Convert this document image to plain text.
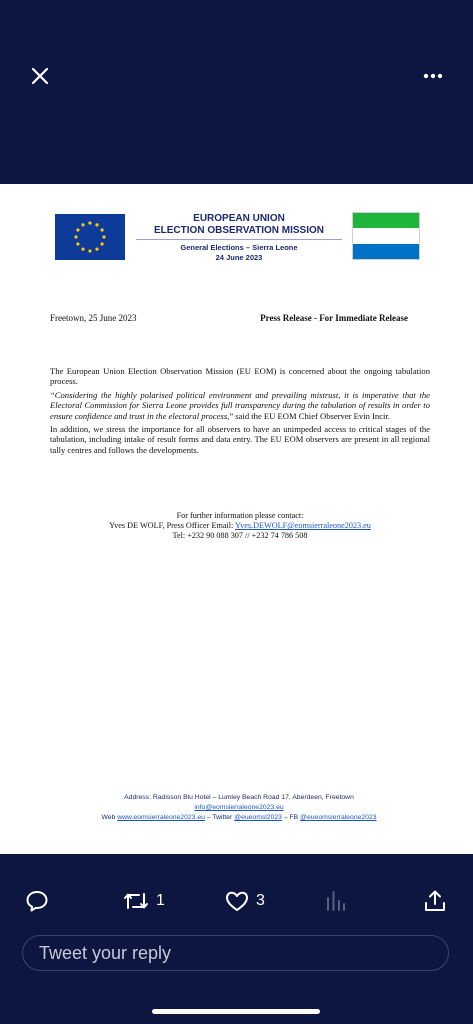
EUROPEAN UNION
ELECTION OBSERVATION MISSION
General Elections – Sierra Leone
24 June 2023
Freetown, 25 June 2023	Press Release - For Immediate Release

The European Union Election Observation Mission (EU EOM) is concerned about the ongoing tabulation process.

“Considering the highly polarised political environment and prevailing mistrust, it is imperative that the Electoral Commission for Sierra Leone provides full transparency during the tabulation of results in order to ensure confidence and trust in the electoral process,” said the EU EOM Chief Observer Evin Incir.

In addition, we stress the importance for all observers to have an unimpeded access to critical stages of the tabulation, including intake of result forms and data entry. The EU EOM observers are present in all regional tally centres and follows the developments.

For further information please contact:
Yves DE WOLF, Press Officer Email: Yves.DEWOLF@eomsierraleone2023.eu
Tel: +232 90 088 307 // +232 74 786 508
Address: Radisson Blu Hotel – Lumley Beach Road 17, Aberdeen, Freetown
info@eomsierraleone2023.eu
Web www.eomsierraleone2023.eu – Twitter @eueomsl2023 – FB @eueomsierraleone2023
1	3
Tweet your reply
